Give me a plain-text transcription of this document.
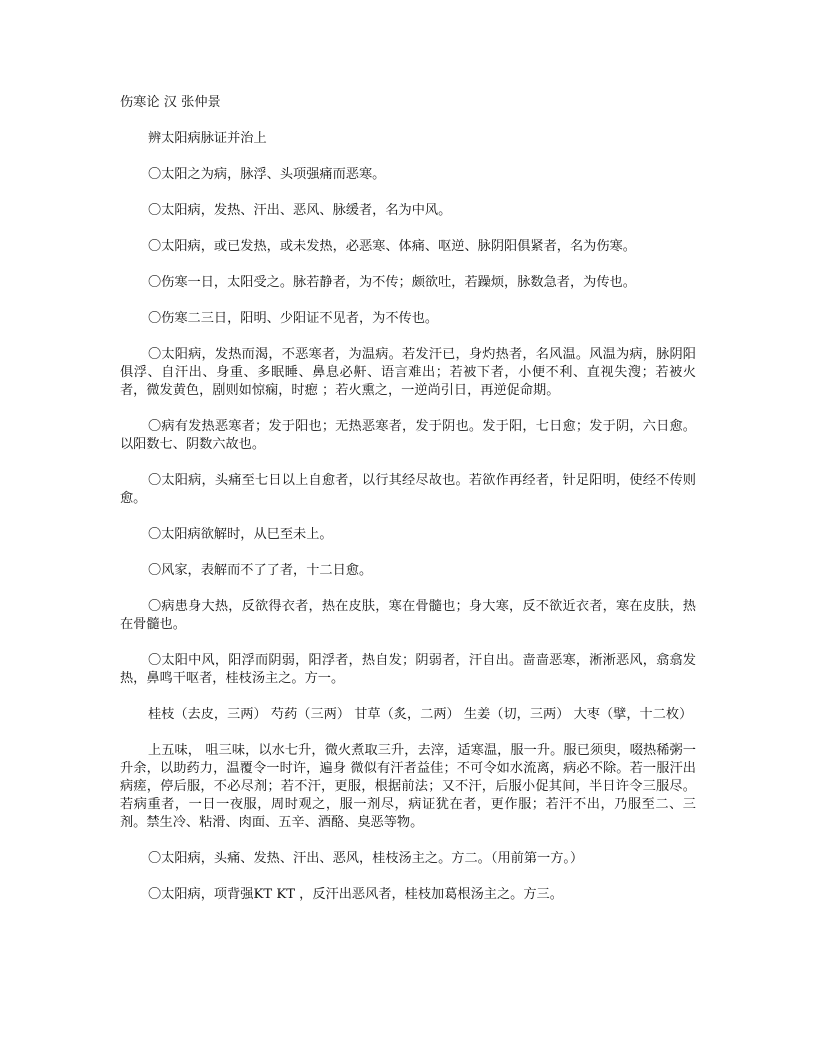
伤寒论 汉 张仲景
辨太阳病脉证并治上
〇太阳之为病，脉浮、头项强痛而恶寒。
〇太阳病，发热、汗出、恶风、脉缓者，名为中风。
〇太阳病，或已发热，或未发热，必恶寒、体痛、呕逆、脉阴阳俱紧者，名为伤寒。
〇伤寒一日，太阳受之。脉若静者，为不传；颇欲吐，若躁烦，脉数急者，为传也。
〇伤寒二三日，阳明、少阳证不见者，为不传也。
〇太阳病，发热而渴，不恶寒者，为温病。若发汗已，身灼热者，名风温。风温为病，脉阴阳俱浮、自汗出、身重、多眠睡、鼻息必鼾、语言难出；若被下者，小便不利、直视失溲；若被火者，微发黄色，剧则如惊痫，时瘛 ；若火熏之，一逆尚引日，再逆促命期。
〇病有发热恶寒者；发于阳也；无热恶寒者，发于阴也。发于阳，七日愈；发于阴，六日愈。以阳数七、阴数六故也。
〇太阳病，头痛至七日以上自愈者，以行其经尽故也。若欲作再经者，针足阳明，使经不传则愈。
〇太阳病欲解时，从巳至未上。
〇风家，表解而不了了者，十二日愈。
〇病患身大热，反欲得衣者，热在皮肤，寒在骨髓也；身大寒，反不欲近衣者，寒在皮肤，热在骨髓也。
〇太阳中风，阳浮而阴弱，阳浮者，热自发；阴弱者，汗自出。啬啬恶寒，淅淅恶风，翕翕发热，鼻鸣干呕者，桂枝汤主之。方一。
桂枝（去皮，三两） 芍药（三两） 甘草（炙，二两） 生姜（切，三两） 大枣（擘，十二枚）
上五味， 咀三味，以水七升，微火煮取三升，去滓，适寒温，服一升。服已须臾，啜热稀粥一升余，以助药力，温覆令一时许，遍身 微似有汗者益佳；不可令如水流离，病必不除。若一服汗出病瘥，停后服，不必尽剂；若不汗，更服，根据前法；又不汗，后服小促其间，半日许令三服尽。若病重者，一日一夜服，周时观之，服一剂尽，病证犹在者，更作服；若汗不出，乃服至二、三剂。禁生冷、粘滑、肉面、五辛、酒酪、臭恶等物。
〇太阳病，头痛、发热、汗出、恶风，桂枝汤主之。方二。（用前第一方。）
〇太阳病，项背强KT KT ，反汗出恶风者，桂枝加葛根汤主之。方三。
